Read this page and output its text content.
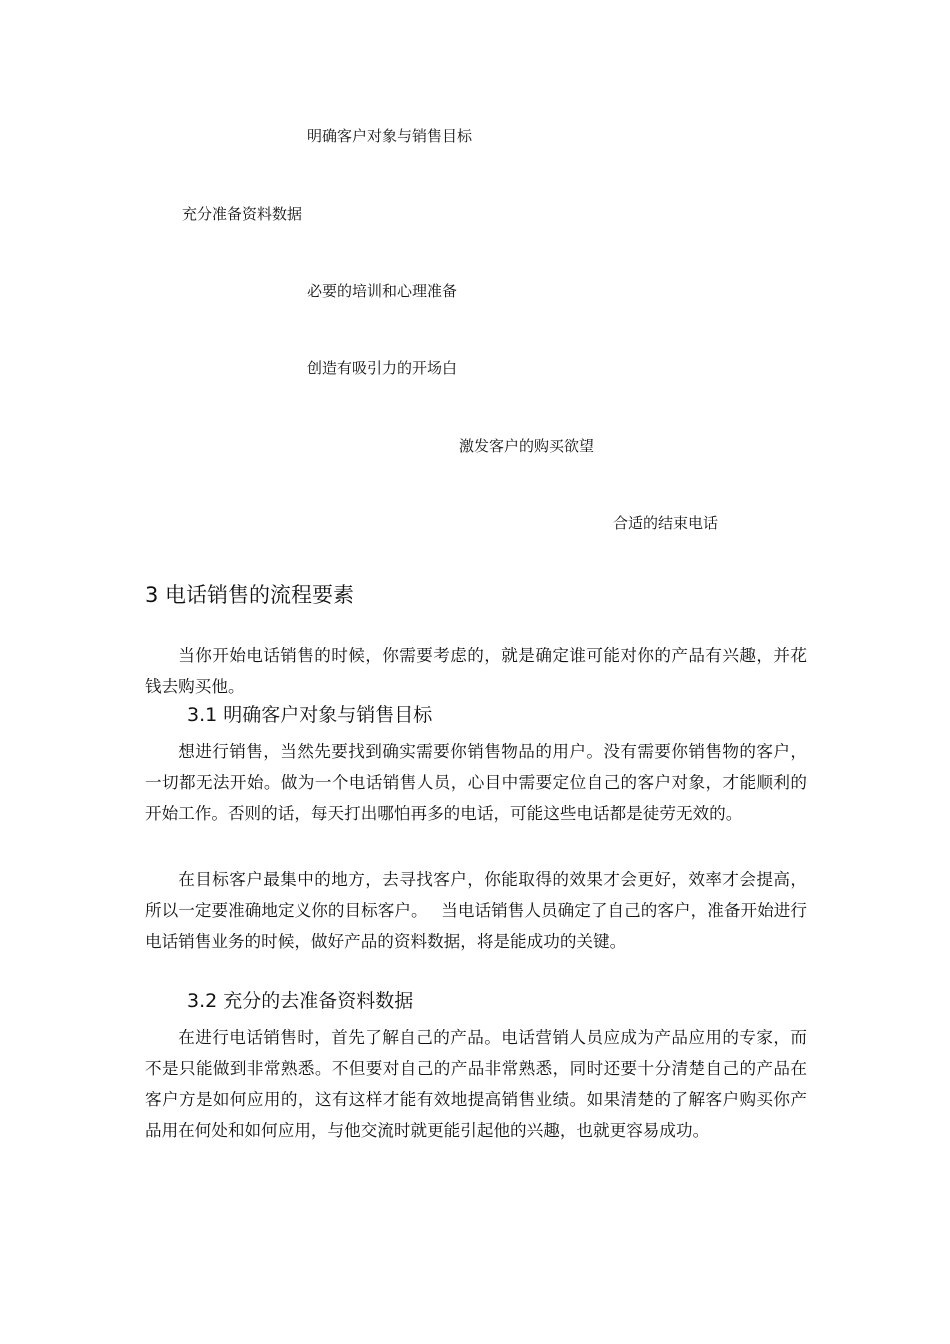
明确客户对象与销售目标
充分准备资料数据
必要的培训和心理准备
创造有吸引力的开场白
激发客户的购买欲望
合适的结束电话
3 电话销售的流程要素

当你开始电话销售的时候，你需要考虑的，就是确定谁可能对你的产品有兴趣，并花钱去购买他。

3.1 明确客户对象与销售目标

想进行销售，当然先要找到确实需要你销售物品的用户。没有需要你销售物的客户，一切都无法开始。做为一个电话销售人员，心目中需要定位自己的客户对象，才能顺利的开始工作。否则的话，每天打出哪怕再多的电话，可能这些电话都是徒劳无效的。

在目标客户最集中的地方，去寻找客户，你能取得的效果才会更好，效率才会提高，所以一定要准确地定义你的目标客户。　 当电话销售人员确定了自己的客户，准备开始进行电话销售业务的时候，做好产品的资料数据，将是能成功的关键。

3.2 充分的去准备资料数据

在进行电话销售时，首先了解自己的产品。电话营销人员应成为产品应用的专家，而不是只能做到非常熟悉。不但要对自己的产品非常熟悉，同时还要十分清楚自己的产品在客户方是如何应用的，这有这样才能有效地提高销售业绩。如果清楚的了解客户购买你产品用在何处和如何应用，与他交流时就更能引起他的兴趣，也就更容易成功。
